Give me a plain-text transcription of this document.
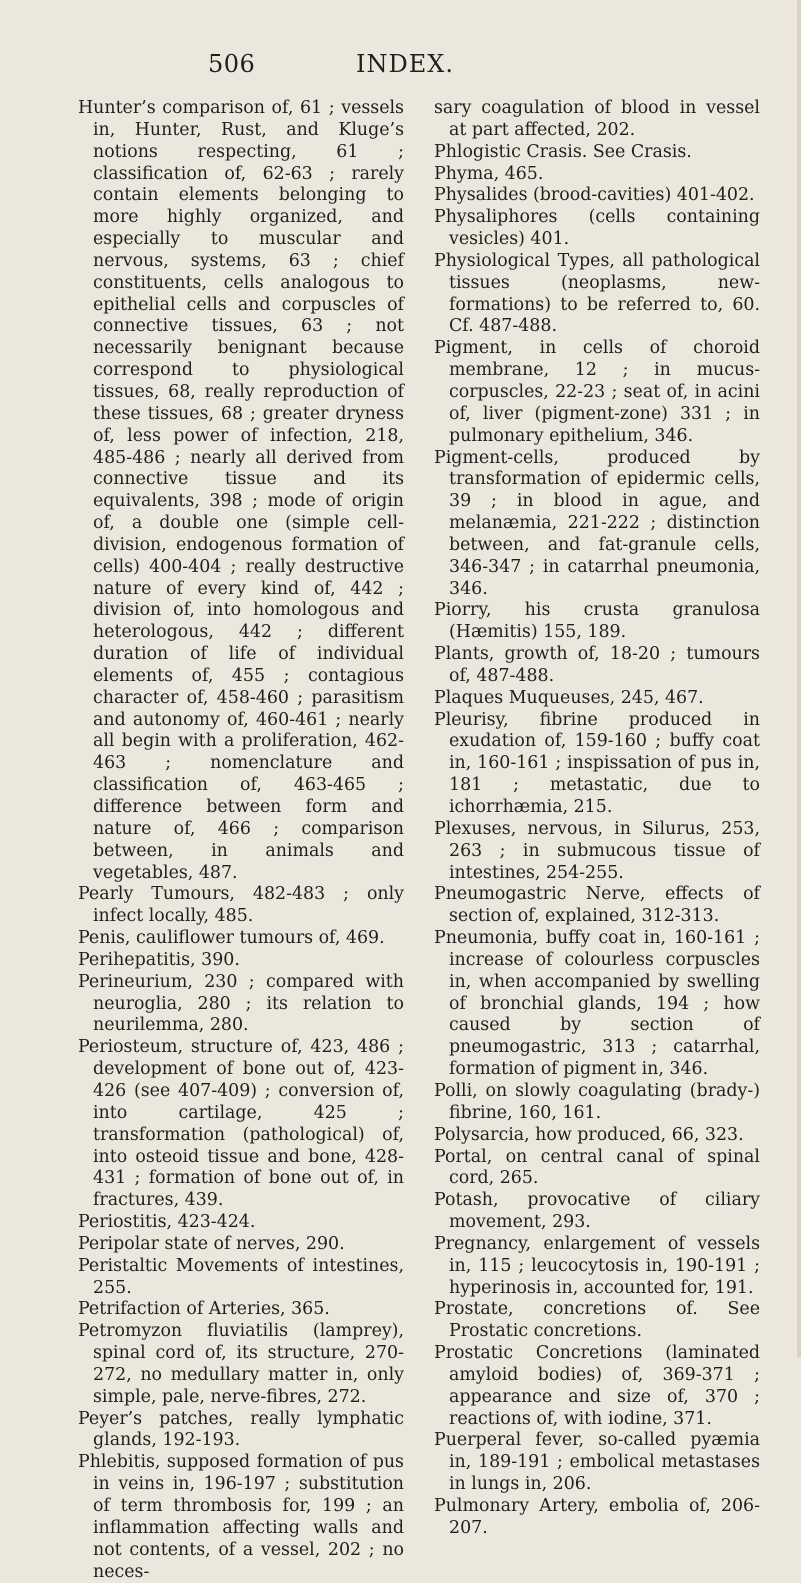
506	INDEX.

Hunter’s comparison of, 61 ; vessels in, Hunter, Rust, and Kluge’s notions respecting, 61 ; classification of, 62-63 ; rarely contain elements belonging to more highly organized, and especially to muscular and nervous, systems, 63 ; chief constituents, cells analogous to epithelial cells and corpuscles of connective tissues, 63 ; not necessarily benignant because correspond to physiological tissues, 68, really reproduction of these tissues, 68 ; greater dryness of, less power of infection, 218, 485-486 ; nearly all derived from connective tissue and its equivalents, 398 ; mode of origin of, a double one (simple cell-division, endogenous formation of cells) 400-404 ; really destructive nature of every kind of, 442 ; division of, into homologous and heterologous, 442 ; different duration of life of individual elements of, 455 ; contagious character of, 458-460 ; parasitism and autonomy of, 460-461 ; nearly all begin with a proliferation, 462-463 ; nomenclature and classification of, 463-465 ; difference between form and nature of, 466 ; comparison between, in animals and vegetables, 487.

Pearly Tumours, 482-483 ; only infect locally, 485.

Penis, cauliflower tumours of, 469.

Perihepatitis, 390.

Perineurium, 230 ; compared with neuroglia, 280 ; its relation to neurilemma, 280.

Periosteum, structure of, 423, 486 ; development of bone out of, 423-426 (see 407-409) ; conversion of, into cartilage, 425 ; transformation (pathological) of, into osteoid tissue and bone, 428-431 ; formation of bone out of, in fractures, 439.

Periostitis, 423-424.

Peripolar state of nerves, 290.

Peristaltic Movements of intestines, 255.

Petrifaction of Arteries, 365.

Petromyzon fluviatilis (lamprey), spinal cord of, its structure, 270-272, no medullary matter in, only simple, pale, nerve-fibres, 272.

Peyer’s patches, really lymphatic glands, 192-193.

Phlebitis, supposed formation of pus in veins in, 196-197 ; substitution of term thrombosis for, 199 ; an inflammation affecting walls and not contents, of a vessel, 202 ; no neces-

sary coagulation of blood in vessel at part affected, 202.

Phlogistic Crasis. See Crasis.

Phyma, 465.

Physalides (brood-cavities) 401-402.

Physaliphores (cells containing vesicles) 401.

Physiological Types, all pathological tissues (neoplasms, new-formations) to be referred to, 60. Cf. 487-488.

Pigment, in cells of choroid membrane, 12 ; in mucus-corpuscles, 22-23 ; seat of, in acini of, liver (pigment-zone) 331 ; in pulmonary epithelium, 346.

Pigment-cells, produced by transformation of epidermic cells, 39 ; in blood in ague, and melanæmia, 221-222 ; distinction between, and fat-granule cells, 346-347 ; in catarrhal pneumonia, 346.

Piorry, his crusta granulosa (Hæmitis) 155, 189.

Plants, growth of, 18-20 ; tumours of, 487-488.

Plaques Muqueuses, 245, 467.

Pleurisy, fibrine produced in exudation of, 159-160 ; buffy coat in, 160-161 ; inspissation of pus in, 181 ; metastatic, due to ichorrhæmia, 215.

Plexuses, nervous, in Silurus, 253, 263 ; in submucous tissue of intestines, 254-255.

Pneumogastric Nerve, effects of section of, explained, 312-313.

Pneumonia, buffy coat in, 160-161 ; increase of colourless corpuscles in, when accompanied by swelling of bronchial glands, 194 ; how caused by section of pneumogastric, 313 ; catarrhal, formation of pigment in, 346.

Polli, on slowly coagulating (brady-) fibrine, 160, 161.

Polysarcia, how produced, 66, 323.

Portal, on central canal of spinal cord, 265.

Potash, provocative of ciliary movement, 293.

Pregnancy, enlargement of vessels in, 115 ; leucocytosis in, 190-191 ; hyperinosis in, accounted for, 191.

Prostate, concretions of. See Prostatic concretions.

Prostatic Concretions (laminated amyloid bodies) of, 369-371 ; appearance and size of, 370 ; reactions of, with iodine, 371.

Puerperal fever, so-called pyæmia in, 189-191 ; embolical metastases in lungs in, 206.

Pulmonary Artery, embolia of, 206-207.
